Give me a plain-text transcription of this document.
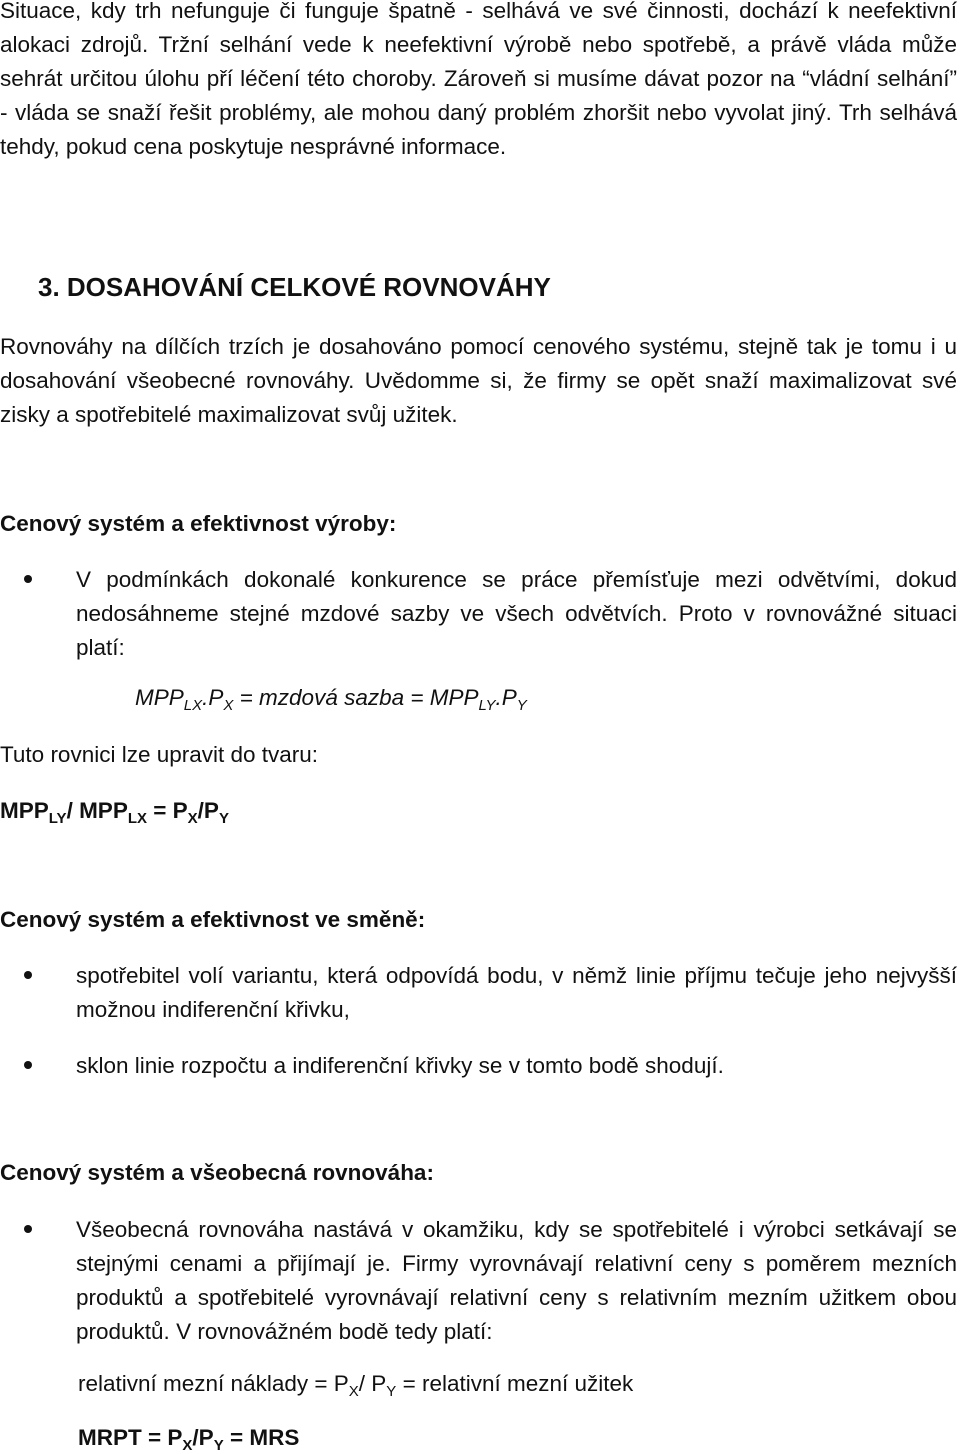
Situace, kdy trh nefunguje či funguje špatně - selhává ve své činnosti, dochází k neefektivní alokaci zdrojů. Tržní selhání vede k neefektivní výrobě nebo spotřebě, a právě vláda může sehrát určitou úlohu pří léčení této choroby. Zároveň si musíme dávat pozor na “vládní selhání” - vláda se snaží řešit problémy, ale mohou daný problém zhoršit nebo vyvolat jiný. Trh selhává tehdy, pokud cena poskytuje nesprávné informace.

3. DOSAHOVÁNÍ CELKOVÉ ROVNOVÁHY

Rovnováhy na dílčích trzích je dosahováno pomocí cenového systému, stejně tak je tomu i u dosahování všeobecné rovnováhy. Uvědomme si, že firmy se opět snaží maximalizovat své zisky a spotřebitelé maximalizovat svůj užitek.

Cenový systém a efektivnost výroby:
V podmínkách dokonalé konkurence se práce přemísťuje mezi odvětvími, dokud nedosáhneme stejné mzdové sazby ve všech odvětvích. Proto v rovnovážné situaci platí:

$MPP_{LX}.P_X$ = mzdová sazba = $MPP_{LY}.P_Y$

Tuto rovnici lze upravit do tvaru:

$MPP_{LY}/$ $MPP_{LX} = P_X/P_Y$

Cenový systém a efektivnost ve směně:
spotřebitel volí variantu, která odpovídá bodu, v němž linie příjmu tečuje jeho nejvyšší možnou indiferenční křivku,
sklon linie rozpočtu a indiferenční křivky se v tomto bodě shodují.
Cenový systém a všeobecná rovnováha:
Všeobecná rovnováha nastává v okamžiku, kdy se spotřebitelé i výrobci setkávají se stejnými cenami a přijímají je. Firmy vyrovnávají relativní ceny s poměrem mezních produktů a spotřebitelé vyrovnávají relativní ceny s relativním mezním užitkem obou produktů. V rovnovážném bodě tedy platí:

relativní mezní náklady = $P_X/$ $P_Y$ = relativní mezní užitek

MRPT = $P_X/P_Y$ = MRS
